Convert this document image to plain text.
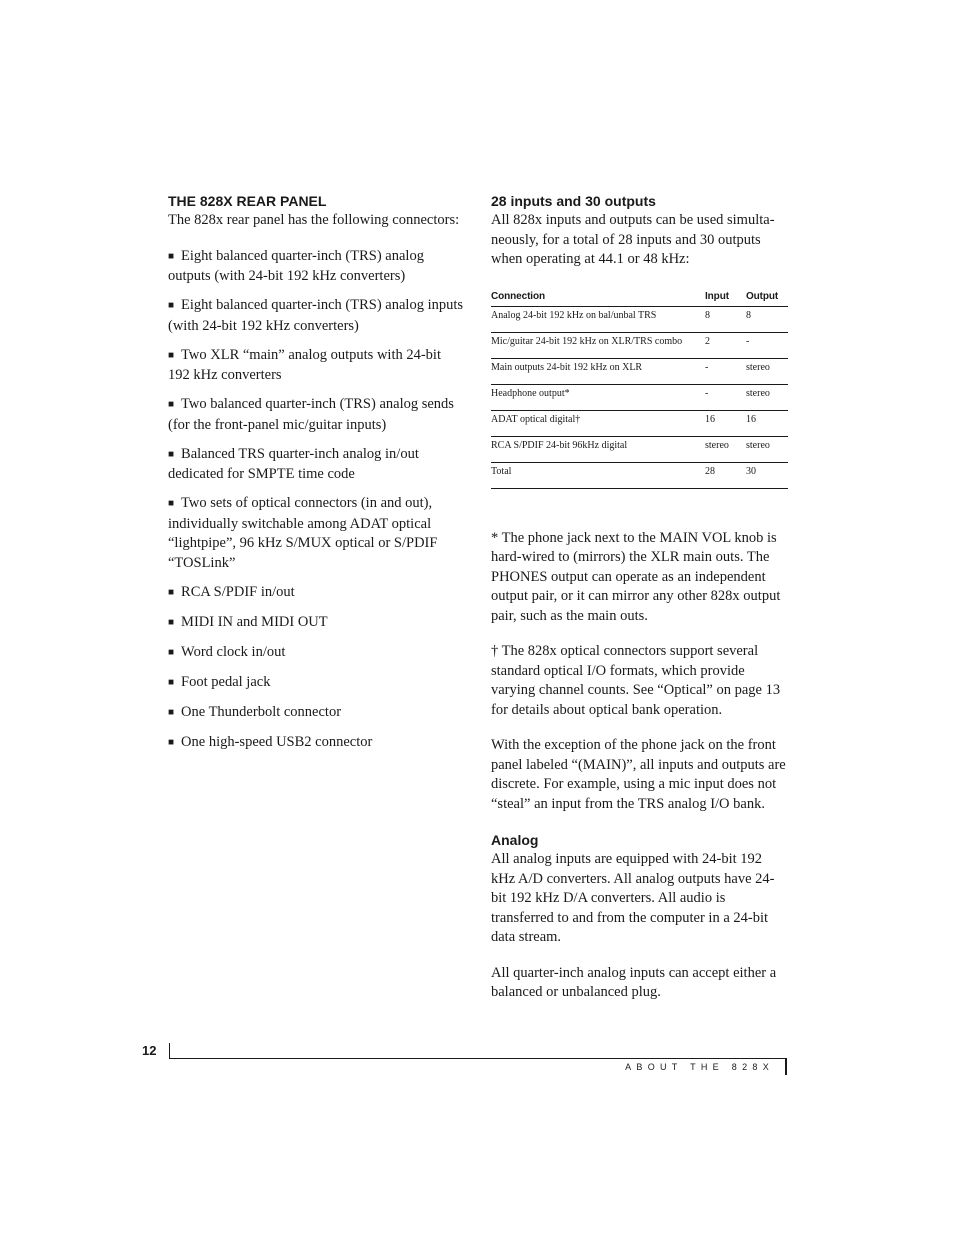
THE 828X REAR PANEL

The 828x rear panel has the following connectors:

■ Eight balanced quarter-inch (TRS) analog outputs (with 24-bit 192 kHz converters)
■ Eight balanced quarter-inch (TRS) analog inputs (with 24-bit 192 kHz converters)
■ Two XLR “main” analog outputs with 24-bit 192 kHz converters
■ Two balanced quarter-inch (TRS) analog sends (for the front-panel mic/guitar inputs)
■ Balanced TRS quarter-inch analog in/out dedicated for SMPTE time code
■ Two sets of optical connectors (in and out), individually switchable among ADAT optical “lightpipe”, 96 kHz S/MUX optical or S/PDIF “TOSLink”
■ RCA S/PDIF in/out
■ MIDI IN and MIDI OUT
■ Word clock in/out
■ Foot pedal jack
■ One Thunderbolt connector
■ One high-speed USB2 connector
28 inputs and 30 outputs

All 828x inputs and outputs can be used simulta-neously, for a total of 28 inputs and 30 outputs when operating at 44.1 or 48 kHz:

Connection	Input	Output
Analog 24-bit 192 kHz on bal/unbal TRS	8	8
Mic/guitar 24-bit 192 kHz on XLR/TRS combo	2	-
Main outputs 24-bit 192 kHz on XLR	-	stereo
Headphone output*	-	stereo
ADAT optical digital†	16	16
RCA S/PDIF 24-bit 96kHz digital	stereo	stereo
Total	28	30

* The phone jack next to the MAIN VOL knob is hard-wired to (mirrors) the XLR main outs. The PHONES output can operate as an independent output pair, or it can mirror any other 828x output pair, such as the main outs.

† The 828x optical connectors support several standard optical I/O formats, which provide varying channel counts. See “Optical” on page 13 for details about optical bank operation.

With the exception of the phone jack on the front panel labeled “(MAIN)”, all inputs and outputs are discrete. For example, using a mic input does not “steal” an input from the TRS analog I/O bank.

Analog

All analog inputs are equipped with 24-bit 192 kHz A/D converters. All analog outputs have 24-bit 192 kHz D/A converters. All audio is transferred to and from the computer in a 24-bit data stream.

All quarter-inch analog inputs can accept either a balanced or unbalanced plug.

12
ABOUT THE 828X
